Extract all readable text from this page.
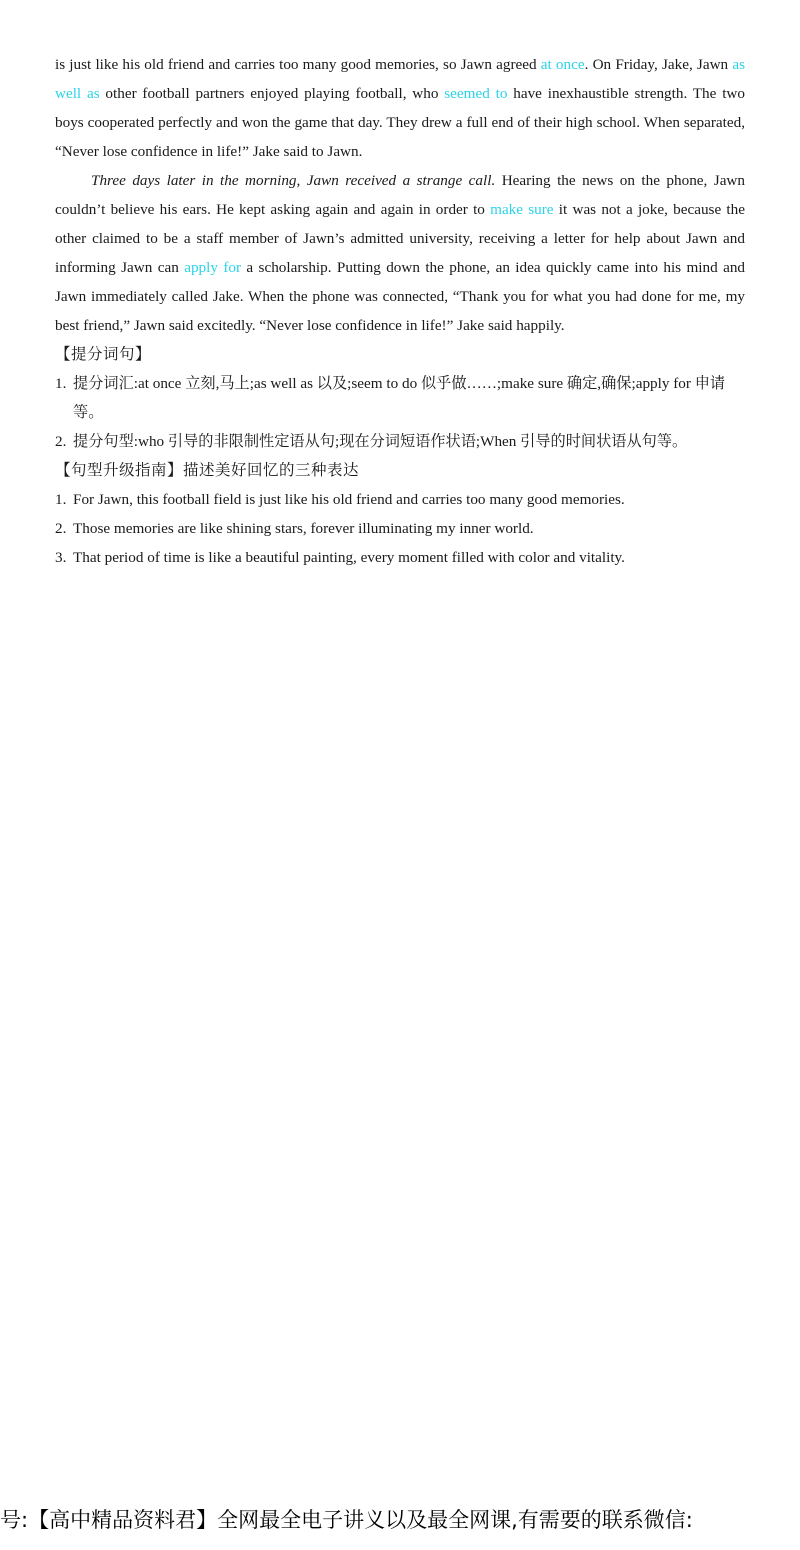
is just like his old friend and carries too many good memories, so Jawn agreed at once. On Friday, Jake, Jawn as well as other football partners enjoyed playing football, who seemed to have inexhaustible strength. The two boys cooperated perfectly and won the game that day. They drew a full end of their high school. When separated, “Never lose confidence in life!” Jake said to Jawn.

Three days later in the morning, Jawn received a strange call. Hearing the news on the phone, Jawn couldn’t believe his ears. He kept asking again and again in order to make sure it was not a joke, because the other claimed to be a staff member of Jawn’s admitted university, receiving a letter for help about Jawn and informing Jawn can apply for a scholarship. Putting down the phone, an idea quickly came into his mind and Jawn immediately called Jake. When the phone was connected, “Thank you for what you had done for me, my best friend,” Jawn said excitedly. “Never lose confidence in life!” Jake said happily.

【提分词句】
1. 提分词汇:at once 立刻,马上;as well as 以及;seem to do 似乎做……;make sure 确定,确保;apply for 申请等。
2. 提分句型:who 引导的非限制性定语从句;现在分词短语作状语;When 引导的时间状语从句等。
【句型升级指南】描述美好回忆的三种表达
1. For Jawn, this football field is just like his old friend and carries too many good memories.
2. Those memories are like shining stars, forever illuminating my inner world.
3. That period of time is like a beautiful painting, every moment filled with color and vitality.
号:【高中精品资料君】全网最全电子讲义以及最全网课,有需要的联系微信:
